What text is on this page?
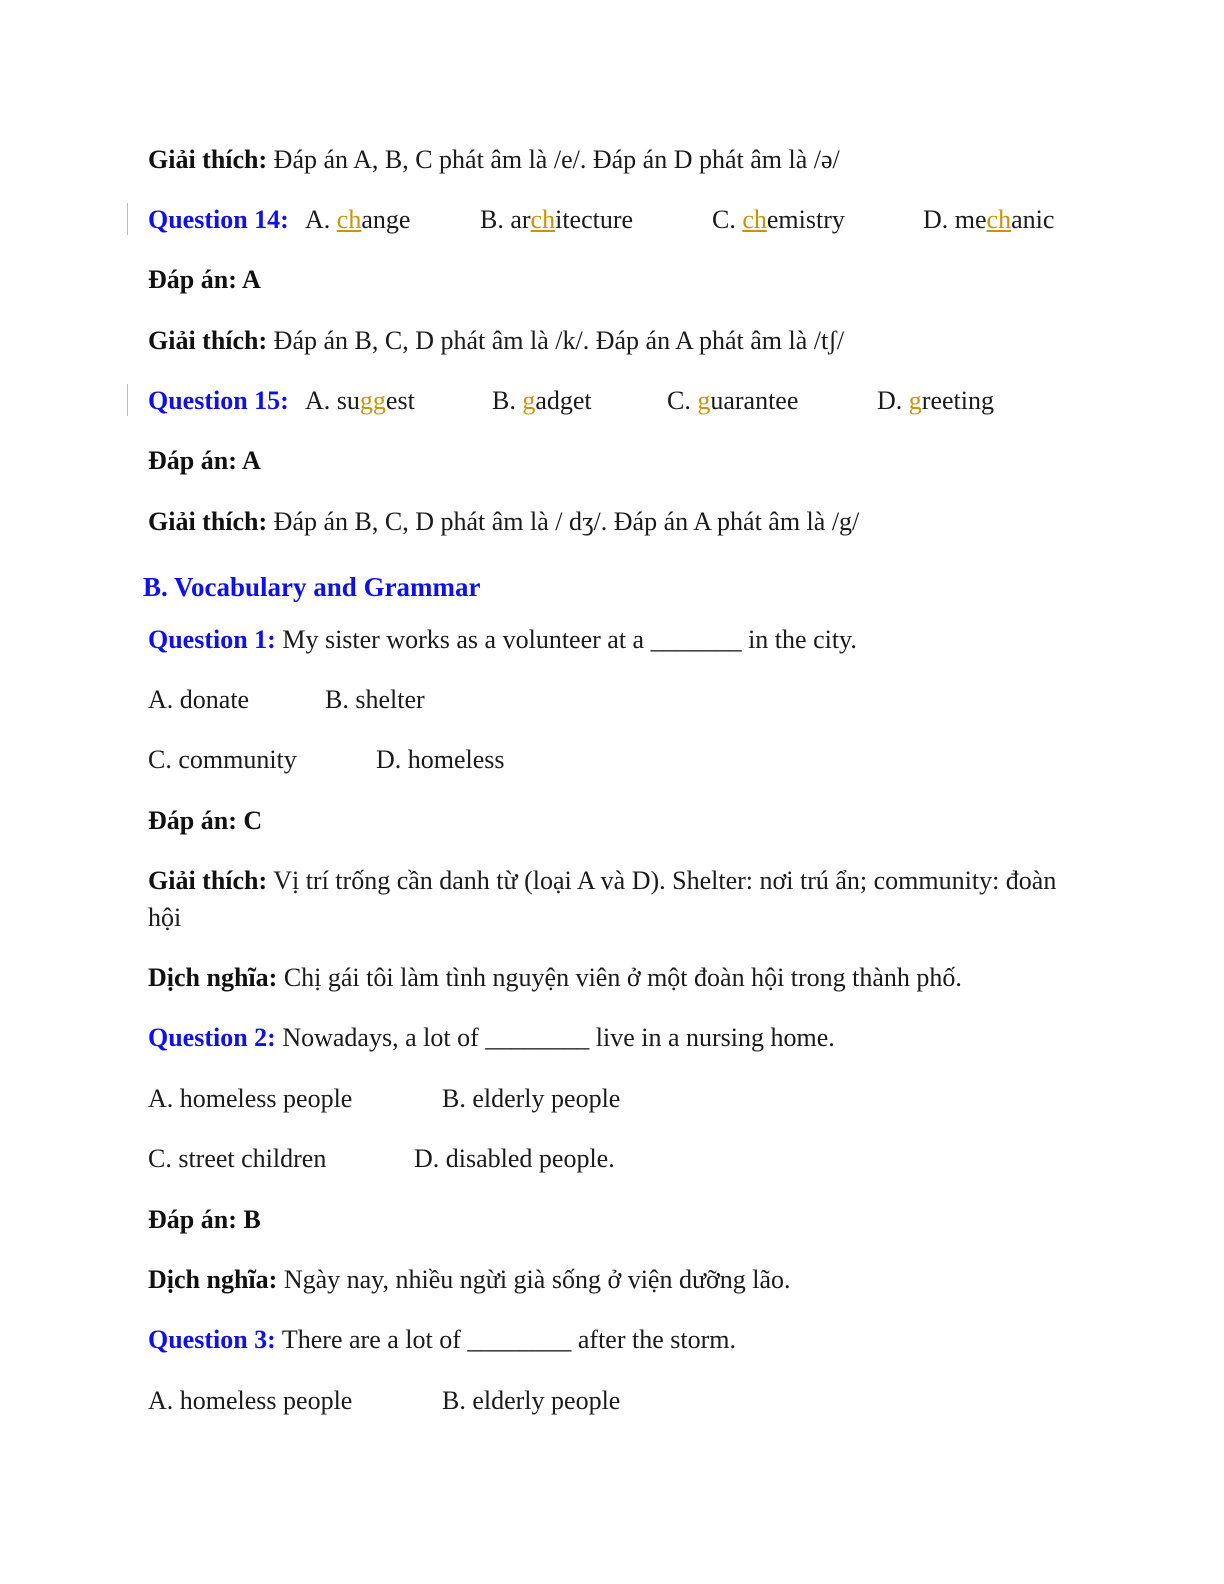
Giải thích: Đáp án A, B, C phát âm là /e/. Đáp án D phát âm là /ə/
Question 14: A. change	B. architecture	C. chemistry	D. mechanic
Đáp án: A
Giải thích: Đáp án B, C, D phát âm là /k/. Đáp án A phát âm là /tʃ/
Question 15: A. suggest	B. gadget	C. guarantee	D. greeting
Đáp án: A
Giải thích: Đáp án B, C, D phát âm là / dʒ/. Đáp án A phát âm là /g/
B. Vocabulary and Grammar
Question 1: My sister works as a volunteer at a _______ in the city.
A. donate	B. shelter
C. community	D. homeless
Đáp án: C
Giải thích: Vị trí trống cần danh từ (loại A và D). Shelter: nơi trú ẩn; community: đoàn hội
Dịch nghĩa: Chị gái tôi làm tình nguyện viên ở một đoàn hội trong thành phố.
Question 2: Nowadays, a lot of ________ live in a nursing home.
A. homeless people	B. elderly people
C. street children	D. disabled people.
Đáp án: B
Dịch nghĩa: Ngày nay, nhiều ngừi già sống ở viện dưỡng lão.
Question 3: There are a lot of ________ after the storm.
A. homeless people	B. elderly people
